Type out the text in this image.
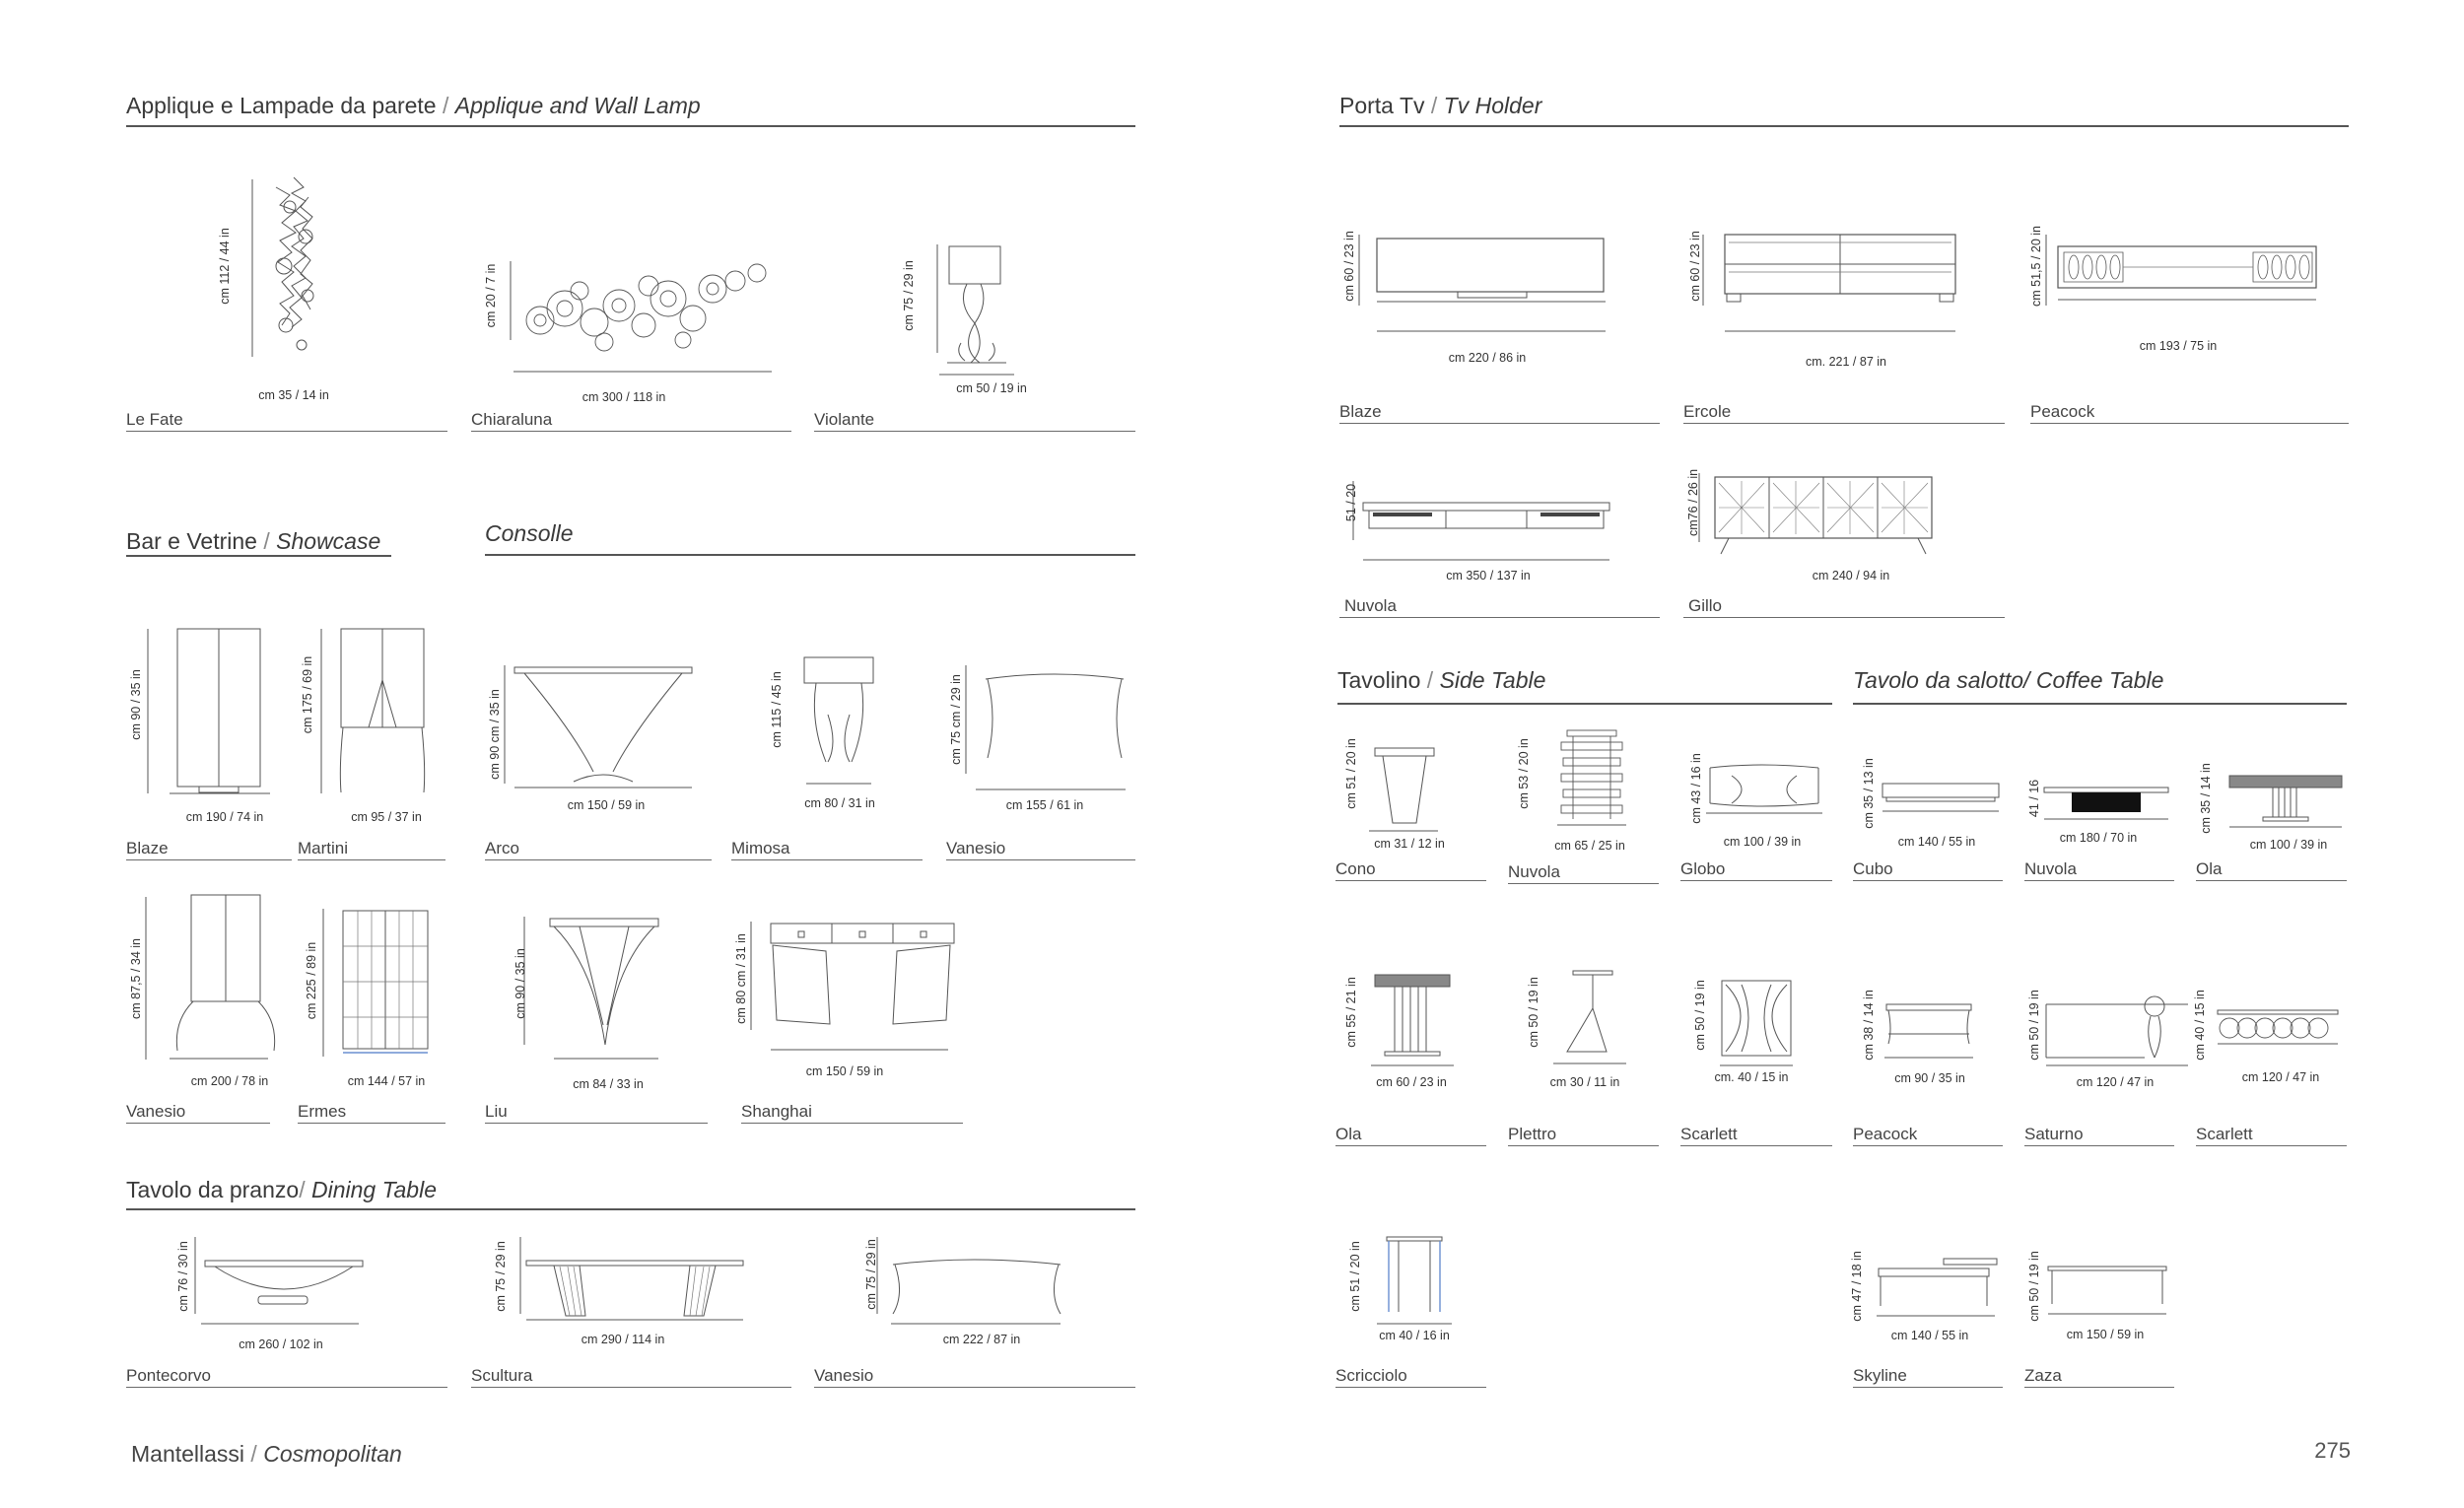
Applique e Lampade da parete / Applique and Wall Lamp
cm 112 / 44 in
cm 35 / 14 in
Le Fate
cm 20 / 7 in
cm 300 / 118 in
Chiaraluna
cm 75 / 29 in
cm 50 / 19 in
Violante
Bar e Vetrine / Showcase	Consolle
cm 90 / 35 in
cm 190 / 74 in
Blaze
cm 175 / 69 in
cm 95 / 37 in
Martini
cm 90 cm / 35 in
cm 150 / 59 in
Arco
cm 115 / 45 in
cm 80 / 31 in
Mimosa
cm 75 cm / 29 in
cm 155 / 61 in
Vanesio
cm 87,5 / 34 in
cm 200 / 78 in
Vanesio
cm 225 / 89 in
cm 144 / 57 in
Ermes
cm 90 / 35 in
cm 84 / 33 in
Liu
cm 80 cm / 31 in
cm 150 / 59 in
Shanghai
Tavolo da pranzo/ Dining Table
cm 76 / 30 in
cm 260 / 102 in
Pontecorvo
cm 75 / 29 in
cm 290 / 114 in
Scultura
cm 75 / 29 in
cm 222 / 87 in
Vanesio
Mantellassi / Cosmopolitan
Porta Tv / Tv Holder
cm 60 / 23 in
cm 220 / 86 in
Blaze
cm 60 / 23 in
cm. 221 / 87 in
Ercole
cm 51,5 / 20 in
cm 193 / 75 in
Peacock
51 / 20
cm 350 / 137 in
Nuvola
cm76 / 26 in
cm 240 / 94 in
Gillo
Tavolino / Side Table	Tavolo da salotto/ Coffee Table
cm 51 / 20 in
cm 31 / 12 in
Cono
cm 53 / 20 in
cm 65 / 25 in
Nuvola
cm 43 / 16 in
cm 100 / 39 in
Globo
cm 35 / 13 in
cm 140 / 55 in
Cubo
41 / 16
cm 180 / 70 in
Nuvola
cm 35 / 14 in
cm 100 / 39 in
Ola
cm 55 / 21 in
cm 60 / 23 in
Ola
cm 50 / 19 in
cm 30 / 11 in
Plettro
cm 50 / 19 in
cm. 40 / 15 in
Scarlett
cm 38 / 14 in
cm 90 / 35 in
Peacock
cm 50 / 19 in
cm 120 / 47 in
Saturno
cm 40 / 15 in
cm 120 / 47 in
Scarlett
cm 51 / 20 in
cm 40 / 16 in
Scricciolo
cm 47 / 18 in
cm 140 / 55 in
Skyline
cm 50 / 19 in
cm 150 / 59 in
Zaza
275
